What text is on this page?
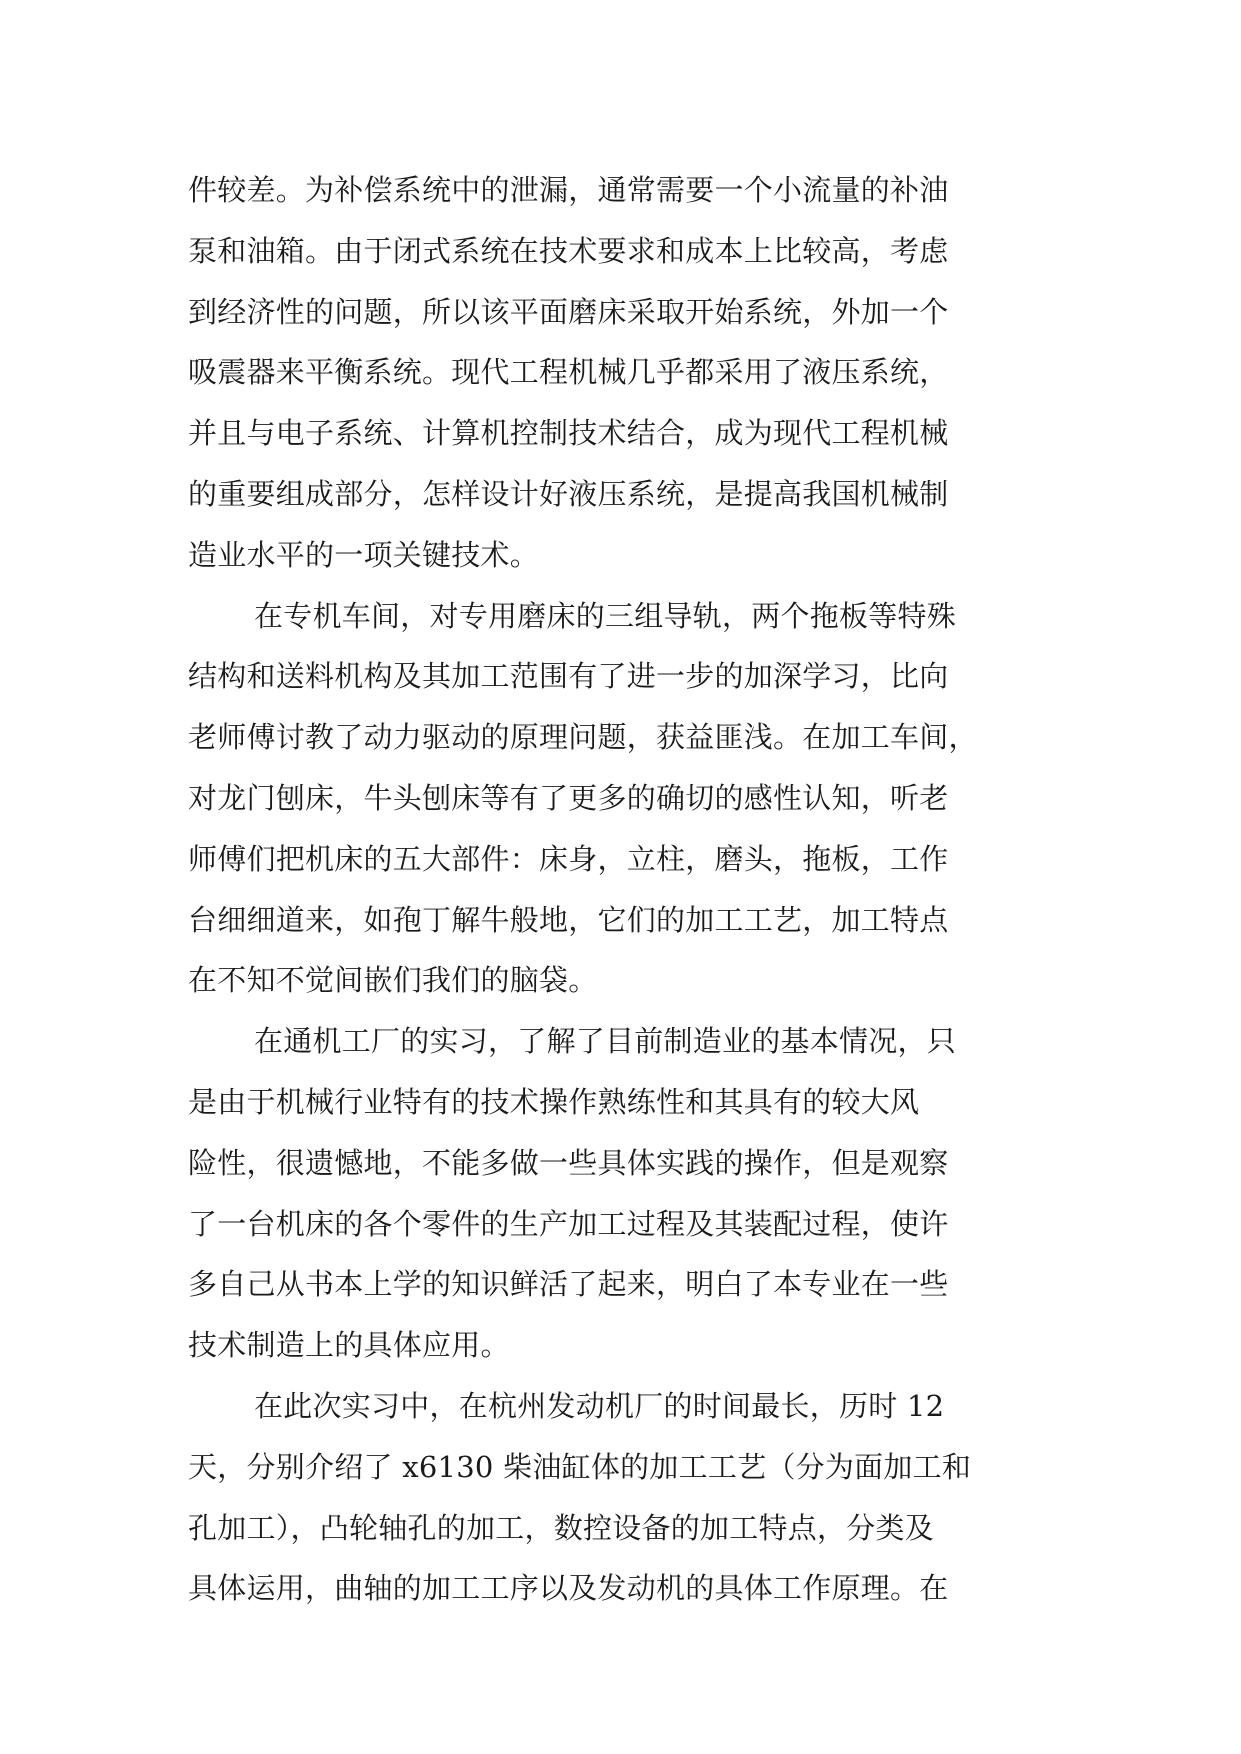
件较差。为补偿系统中的泄漏，通常需要一个小流量的补油
泵和油箱。由于闭式系统在技术要求和成本上比较高，考虑
到经济性的问题，所以该平面磨床采取开始系统，外加一个
吸震器来平衡系统。现代工程机械几乎都采用了液压系统，
并且与电子系统、计算机控制技术结合，成为现代工程机械
的重要组成部分，怎样设计好液压系统，是提高我国机械制
造业水平的一项关键技术。
在专机车间，对专用磨床的三组导轨，两个拖板等特殊
结构和送料机构及其加工范围有了进一步的加深学习，比向
老师傅讨教了动力驱动的原理问题，获益匪浅。在加工车间，
对龙门刨床，牛头刨床等有了更多的确切的感性认知，听老
师傅们把机床的五大部件：床身，立柱，磨头，拖板，工作
台细细道来，如孢丁解牛般地，它们的加工工艺，加工特点
在不知不觉间嵌们我们的脑袋。
在通机工厂的实习，了解了目前制造业的基本情况，只
是由于机械行业特有的技术操作熟练性和其具有的较大风
险性，很遗憾地，不能多做一些具体实践的操作，但是观察
了一台机床的各个零件的生产加工过程及其装配过程，使许
多自己从书本上学的知识鲜活了起来，明白了本专业在一些
技术制造上的具体应用。
在此次实习中，在杭州发动机厂的时间最长，历时 12
天，分别介绍了 x6130 柴油缸体的加工工艺（分为面加工和
孔加工），凸轮轴孔的加工，数控设备的加工特点，分类及
具体运用，曲轴的加工工序以及发动机的具体工作原理。在
